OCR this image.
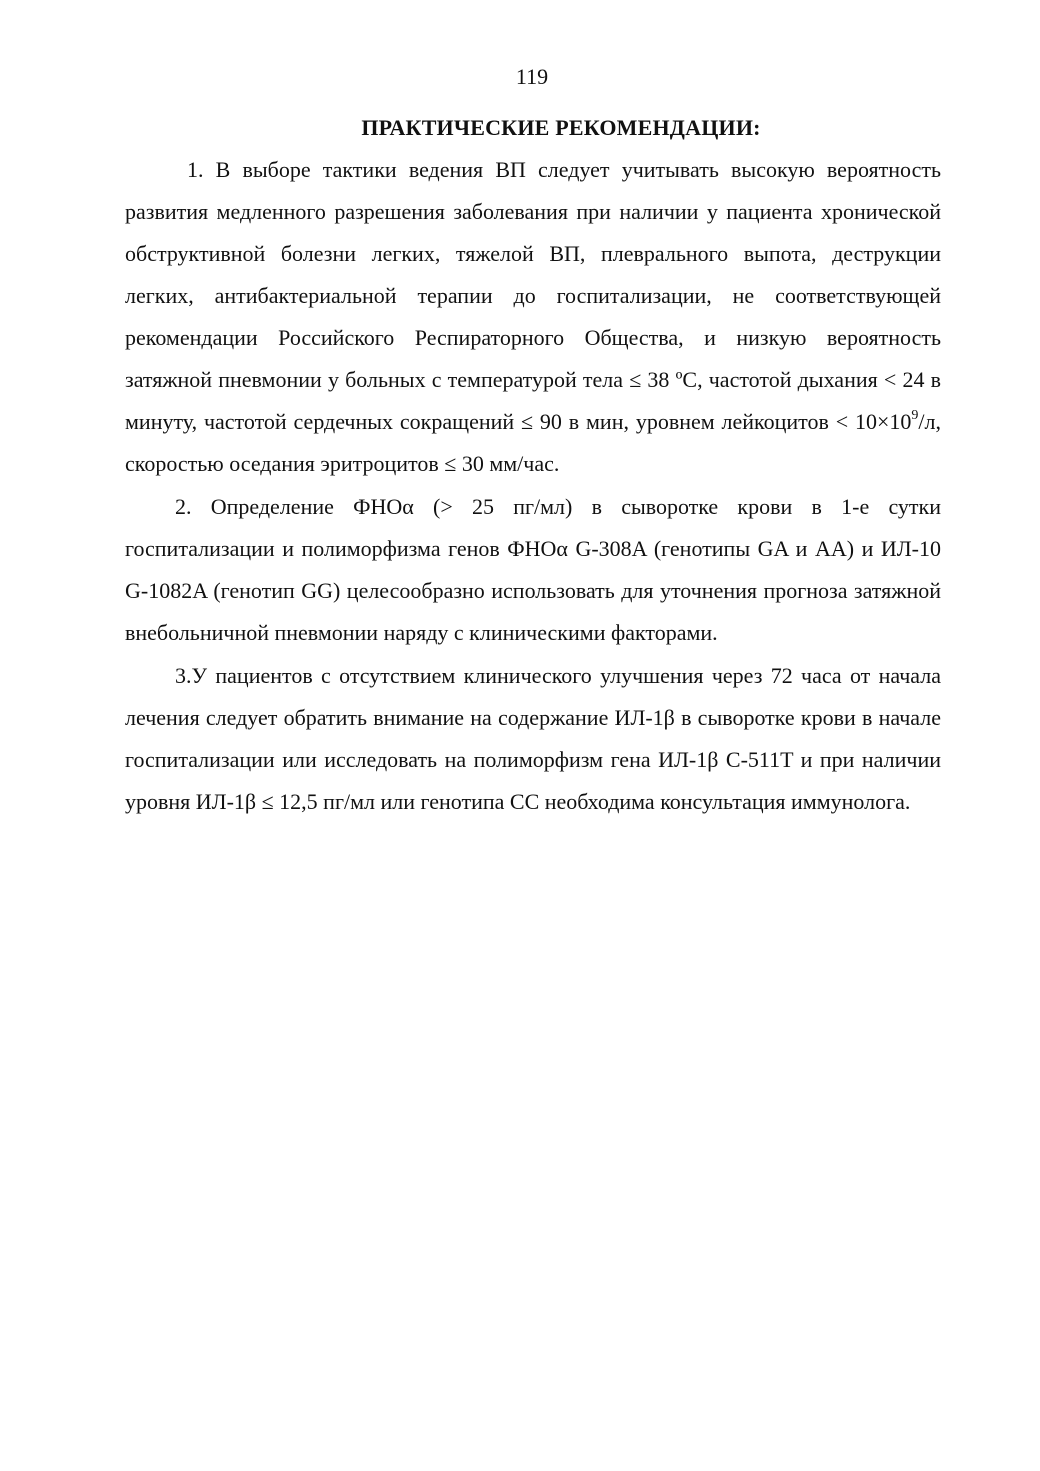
119
ПРАКТИЧЕСКИЕ РЕКОМЕНДАЦИИ:

1. В выборе тактики ведения ВП следует учитывать высокую вероятность развития медленного разрешения заболевания при наличии у пациента хронической обструктивной болезни легких, тяжелой ВП, плеврального выпота, деструкции легких, антибактериальной терапии до госпитализации, не соответствующей рекомендации Российского Респираторного Общества, и низкую вероятность затяжной пневмонии у больных с температурой тела ≤ 38 ºС, частотой дыхания < 24 в минуту, частотой сердечных сокращений ≤ 90 в мин, уровнем лейкоцитов < $10\times 10^9/л$, скоростью оседания эритроцитов ≤ 30 мм/час.

2. Определение ФНОα (> 25 пг/мл) в сыворотке крови в 1-е сутки госпитализации и полиморфизма генов ФНОα G-308A (генотипы GA и AA) и ИЛ-10 G-1082A (генотип GG) целесообразно использовать для уточнения прогноза затяжной внебольничной пневмонии наряду с клиническими факторами.

3.У пациентов с отсутствием клинического улучшения через 72 часа от начала лечения следует обратить внимание на содержание ИЛ-1β в сыворотке крови в начале госпитализации или исследовать на полиморфизм гена ИЛ-1β C-511T и при наличии уровня ИЛ-1β ≤ 12,5 пг/мл или генотипа CC необходима консультация иммунолога.
